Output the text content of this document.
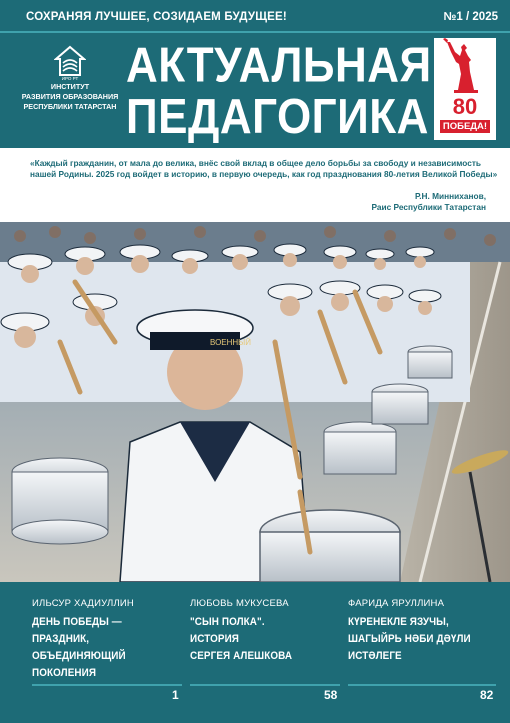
СОХРАНЯЯ ЛУЧШЕЕ, СОЗИДАЕМ БУДУЩЕЕ!	№1 / 2025
ИРО РТ
ИНСТИТУТ
РАЗВИТИЯ ОБРАЗОВАНИЯ
РЕСПУБЛИКИ ТАТАРСТАН
АКТУАЛЬНАЯ
ПЕДАГОГИКА	80
ПОБЕДА!
«Каждый гражданин, от мала до велика, внёс свой вклад в общее дело борьбы за свободу и независимость нашей Родины. 2025 год войдет в историю, в первую очередь, как год празднования 80-летия Великой Победы»
Р.Н. Минниханов,
Раис Республики Татарстан
ВОЕННЫЙ
ИЛЬСУР ХАДИУЛЛИН
ДЕНЬ ПОБЕДЫ —
ПРАЗДНИК,
ОБЪЕДИНЯЮЩИЙ ПОКОЛЕНИЯ
1
ЛЮБОВЬ МУКУСЕВА
"СЫН ПОЛКА".
ИСТОРИЯ
СЕРГЕЯ АЛЕШКОВА
58
ФАРИДА ЯРУЛЛИНА
КҮРЕНЕКЛЕ ЯЗУЧЫ,
ШАГЫЙРЬ НӘБИ ДӘҮЛИ
ИСТӘЛЕГЕ
82
